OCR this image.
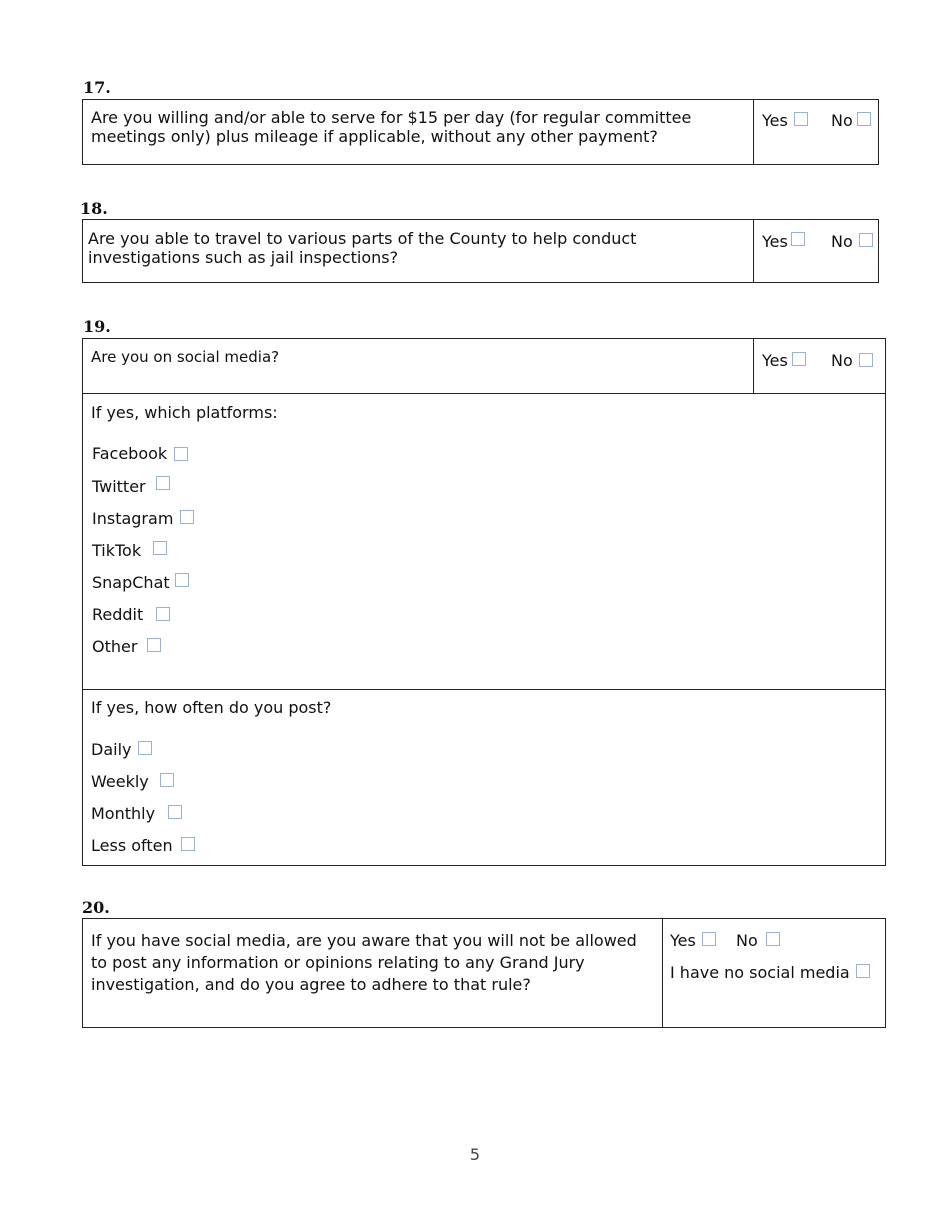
17.
Are you willing and/or able to serve for $15 per day (for regular committee meetings only) plus mileage if applicable, without any other payment?
Yes	No
18.
Are you able to travel to various parts of the County to help conduct investigations such as jail inspections?
Yes	No
19.
Are you on social media?	Yes	No
If yes, which platforms:
Facebook
Twitter
Instagram
TikTok
SnapChat
Reddit
Other
If yes, how often do you post?
Daily
Weekly
Monthly
Less often
20.
If you have social media, are you aware that you will not be allowed to post any information or opinions relating to any Grand Jury investigation, and do you agree to adhere to that rule?
Yes	No
I have no social media
5
